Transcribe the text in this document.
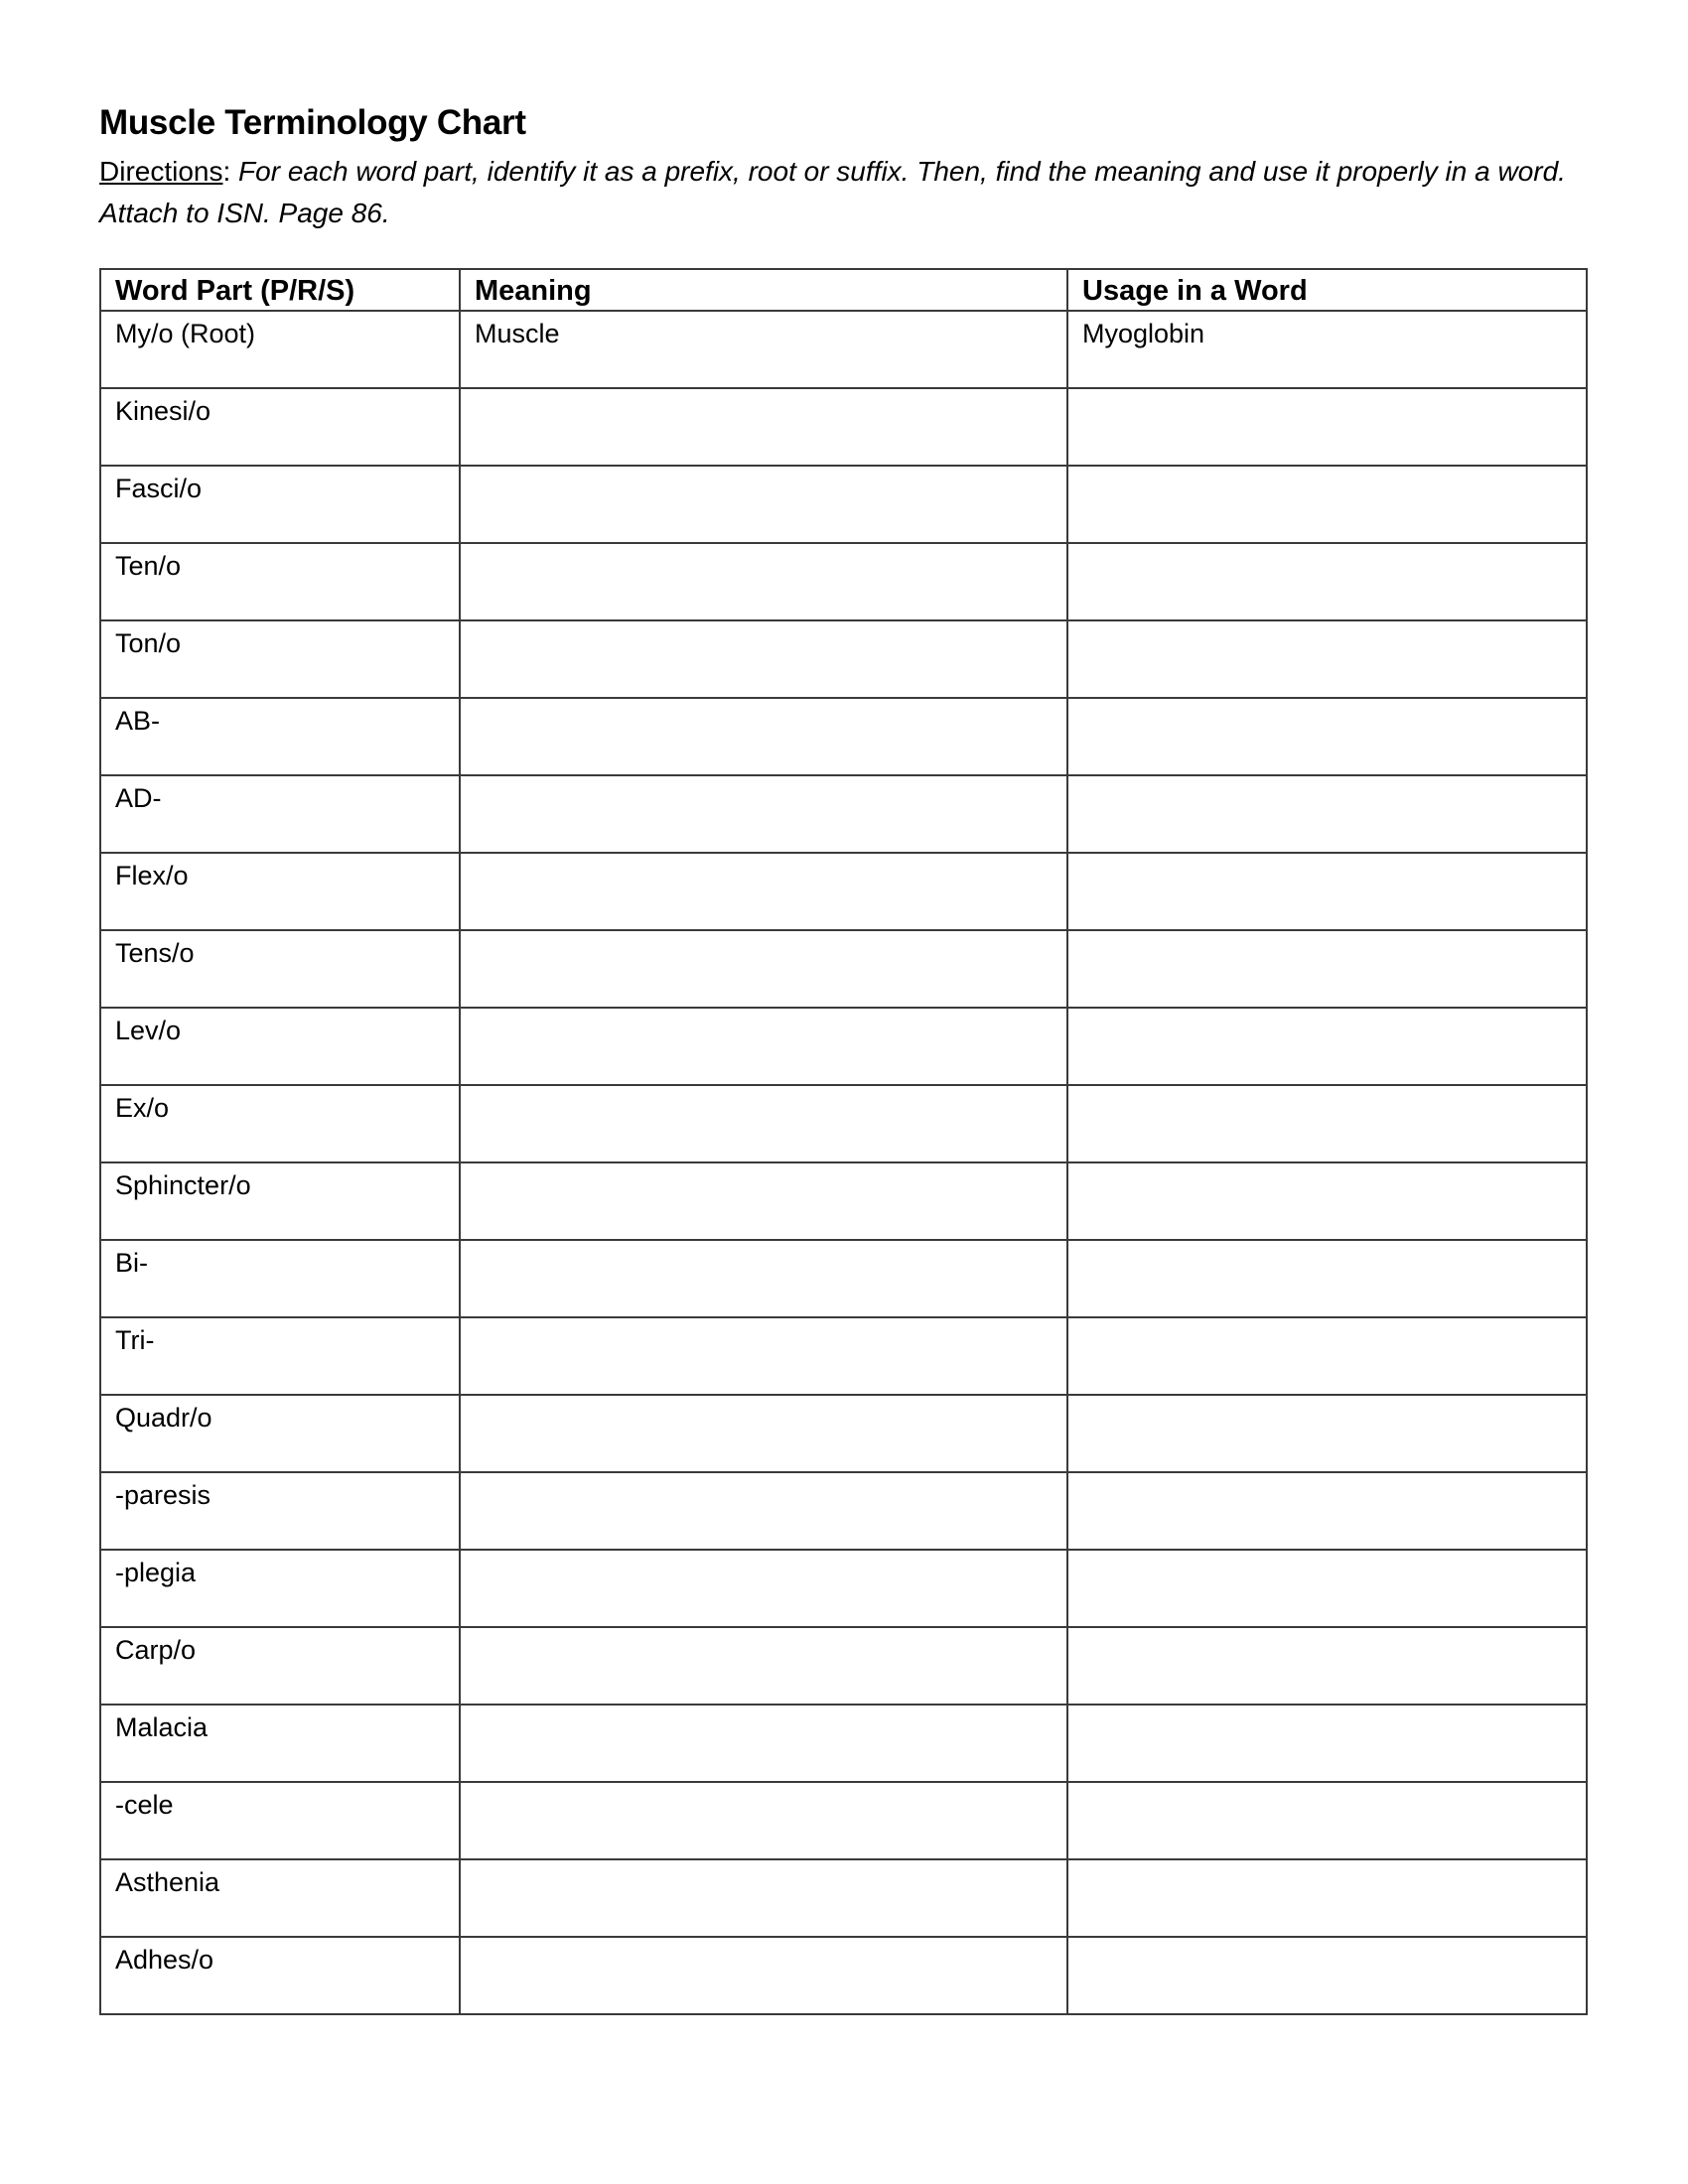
Muscle Terminology Chart

Directions: For each word part, identify it as a prefix, root or suffix. Then, find the meaning and use it properly in a word. Attach to ISN. Page 86.

Word Part (P/R/S)	Meaning	Usage in a Word
My/o (Root)	Muscle	Myoglobin
Kinesi/o		
Fasci/o		
Ten/o		
Ton/o		
AB-		
AD-		
Flex/o		
Tens/o		
Lev/o		
Ex/o		
Sphincter/o		
Bi-		
Tri-		
Quadr/o		
-paresis		
-plegia		
Carp/o		
Malacia		
-cele		
Asthenia		
Adhes/o		
